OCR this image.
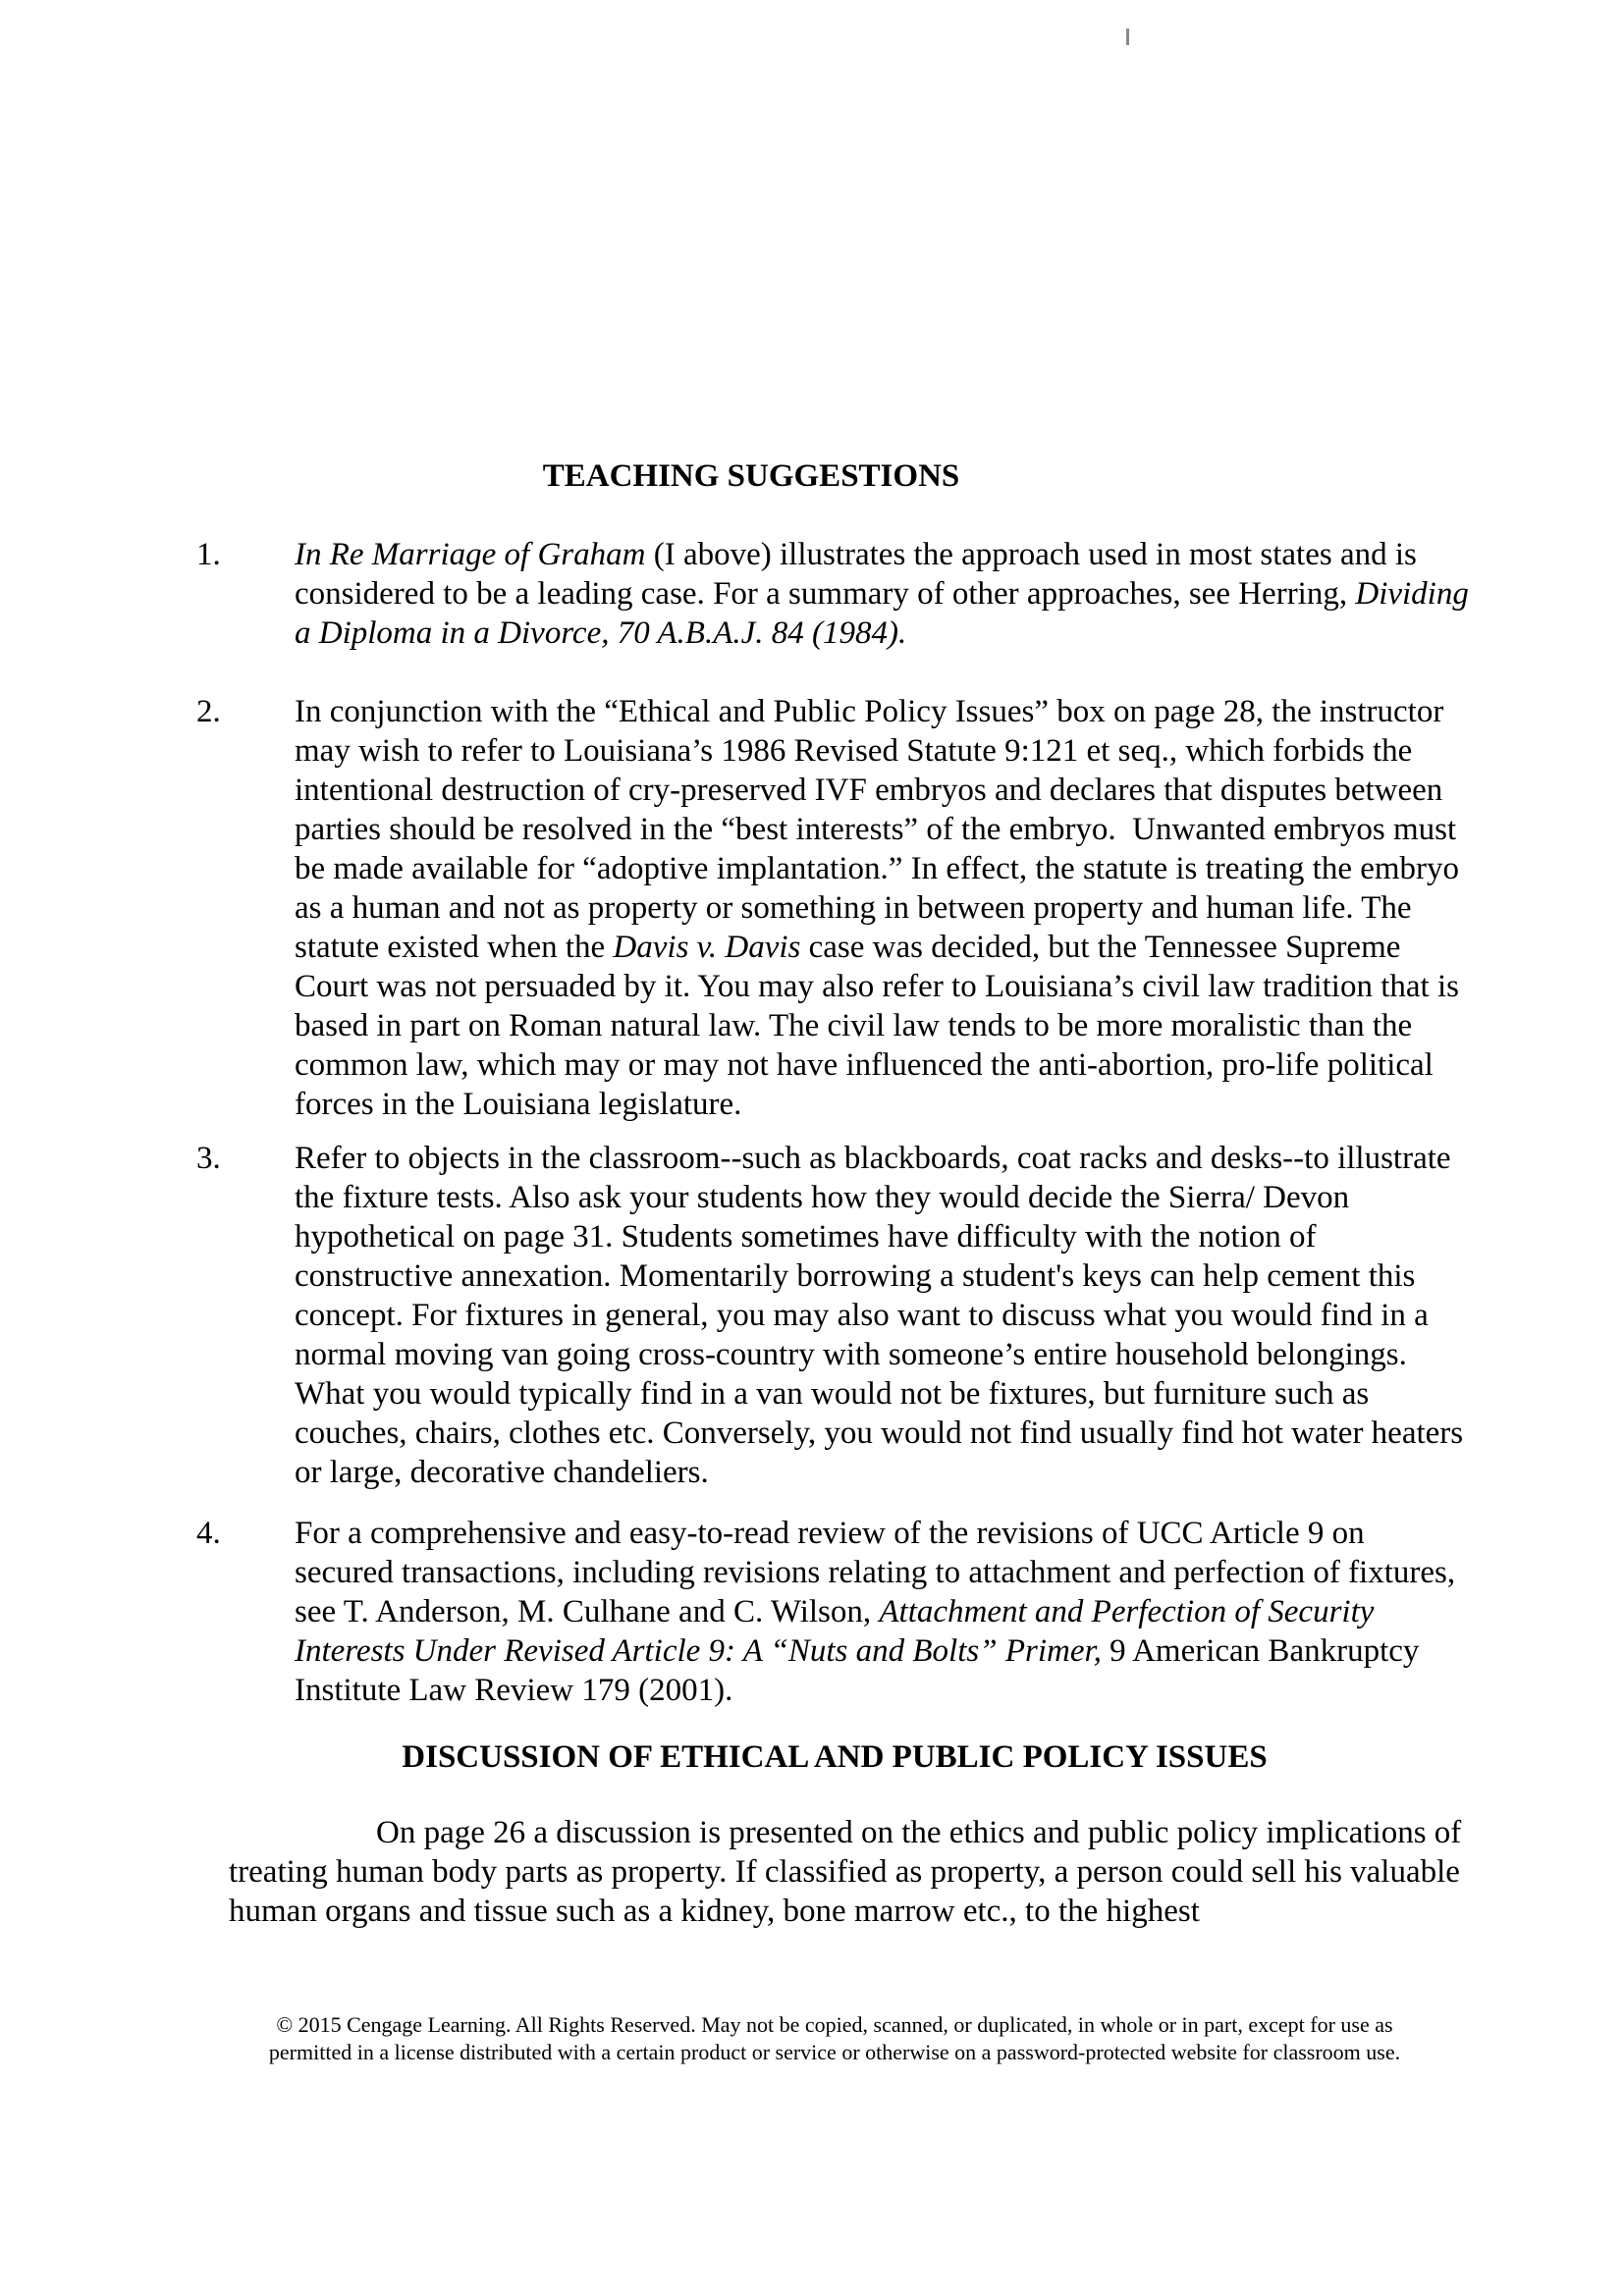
TEACHING SUGGESTIONS
1.	In Re Marriage of Graham (I above) illustrates the approach used in most states and is considered to be a leading case. For a summary of other approaches, see Herring, Dividing a Diploma in a Divorce, 70 A.B.A.J. 84 (1984).
2.	In conjunction with the “Ethical and Public Policy Issues” box on page 28, the instructor may wish to refer to Louisiana’s 1986 Revised Statute 9:121 et seq., which forbids the intentional destruction of cry-preserved IVF embryos and declares that disputes between parties should be resolved in the “best interests” of the embryo.  Unwanted embryos must be made available for “adoptive implantation.” In effect, the statute is treating the embryo as a human and not as property or something in between property and human life. The statute existed when the Davis v. Davis case was decided, but the Tennessee Supreme Court was not persuaded by it. You may also refer to Louisiana’s civil law tradition that is based in part on Roman natural law. The civil law tends to be more moralistic than the common law, which may or may not have influenced the anti-abortion, pro-life political forces in the Louisiana legislature.
3.	Refer to objects in the classroom--such as blackboards, coat racks and desks--to illustrate the fixture tests. Also ask your students how they would decide the Sierra/ Devon hypothetical on page 31. Students sometimes have difficulty with the notion of constructive annexation. Momentarily borrowing a student's keys can help cement this concept. For fixtures in general, you may also want to discuss what you would find in a normal moving van going cross-country with someone’s entire household belongings. What you would typically find in a van would not be fixtures, but furniture such as couches, chairs, clothes etc. Conversely, you would not find usually find hot water heaters or large, decorative chandeliers.
4.	For a comprehensive and easy-to-read review of the revisions of UCC Article 9 on secured transactions, including revisions relating to attachment and perfection of fixtures, see T. Anderson, M. Culhane and C. Wilson, Attachment and Perfection of Security Interests Under Revised Article 9: A “Nuts and Bolts” Primer, 9 American Bankruptcy Institute Law Review 179 (2001).
DISCUSSION OF ETHICAL AND PUBLIC POLICY ISSUES

On page 26 a discussion is presented on the ethics and public policy implications of treating human body parts as property. If classified as property, a person could sell his valuable human organs and tissue such as a kidney, bone marrow etc., to the highest

© 2015 Cengage Learning. All Rights Reserved. May not be copied, scanned, or duplicated, in whole or in part, except for use as
permitted in a license distributed with a certain product or service or otherwise on a password-protected website for classroom use.
